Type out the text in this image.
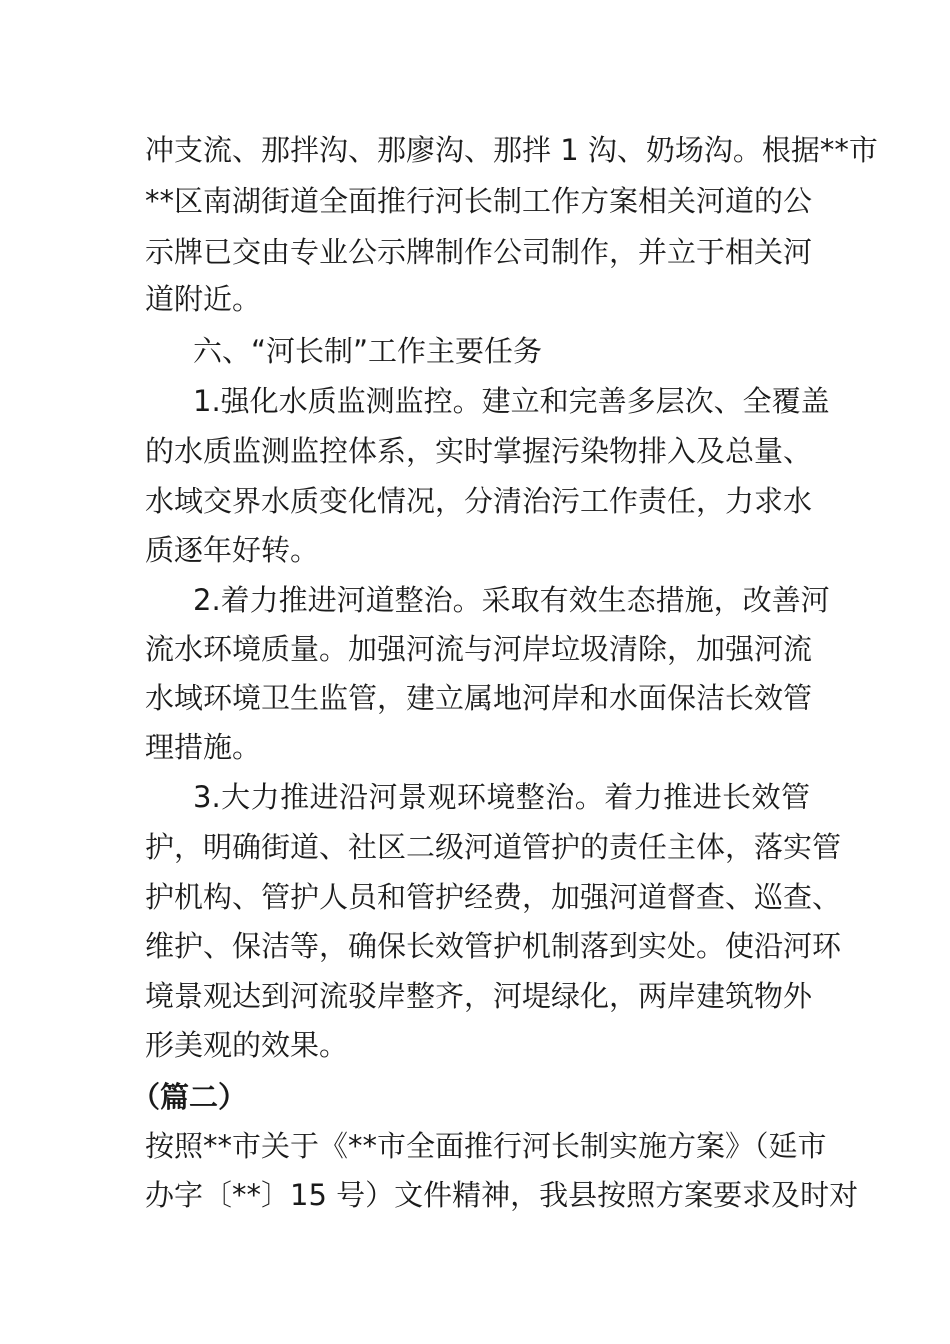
冲支流、那拌沟、那廖沟、那拌 1 沟、奶场沟。根据**市
**区南湖街道全面推行河长制工作方案相关河道的公
示牌已交由专业公示牌制作公司制作，并立于相关河
道附近。
六、“河长制”工作主要任务
1.强化水质监测监控。建立和完善多层次、全覆盖
的水质监测监控体系，实时掌握污染物排入及总量、
水域交界水质变化情况，分清治污工作责任，力求水
质逐年好转。
2.着力推进河道整治。采取有效生态措施，改善河
流水环境质量。加强河流与河岸垃圾清除，加强河流
水域环境卫生监管，建立属地河岸和水面保洁长效管
理措施。
3.大力推进沿河景观环境整治。着力推进长效管
护，明确街道、社区二级河道管护的责任主体，落实管
护机构、管护人员和管护经费，加强河道督查、巡查、
维护、保洁等，确保长效管护机制落到实处。使沿河环
境景观达到河流驳岸整齐，河堤绿化，两岸建筑物外
形美观的效果。
（篇二）
按照**市关于《**市全面推行河长制实施方案》（延市
办字〔**〕15 号）文件精神，我县按照方案要求及时对
